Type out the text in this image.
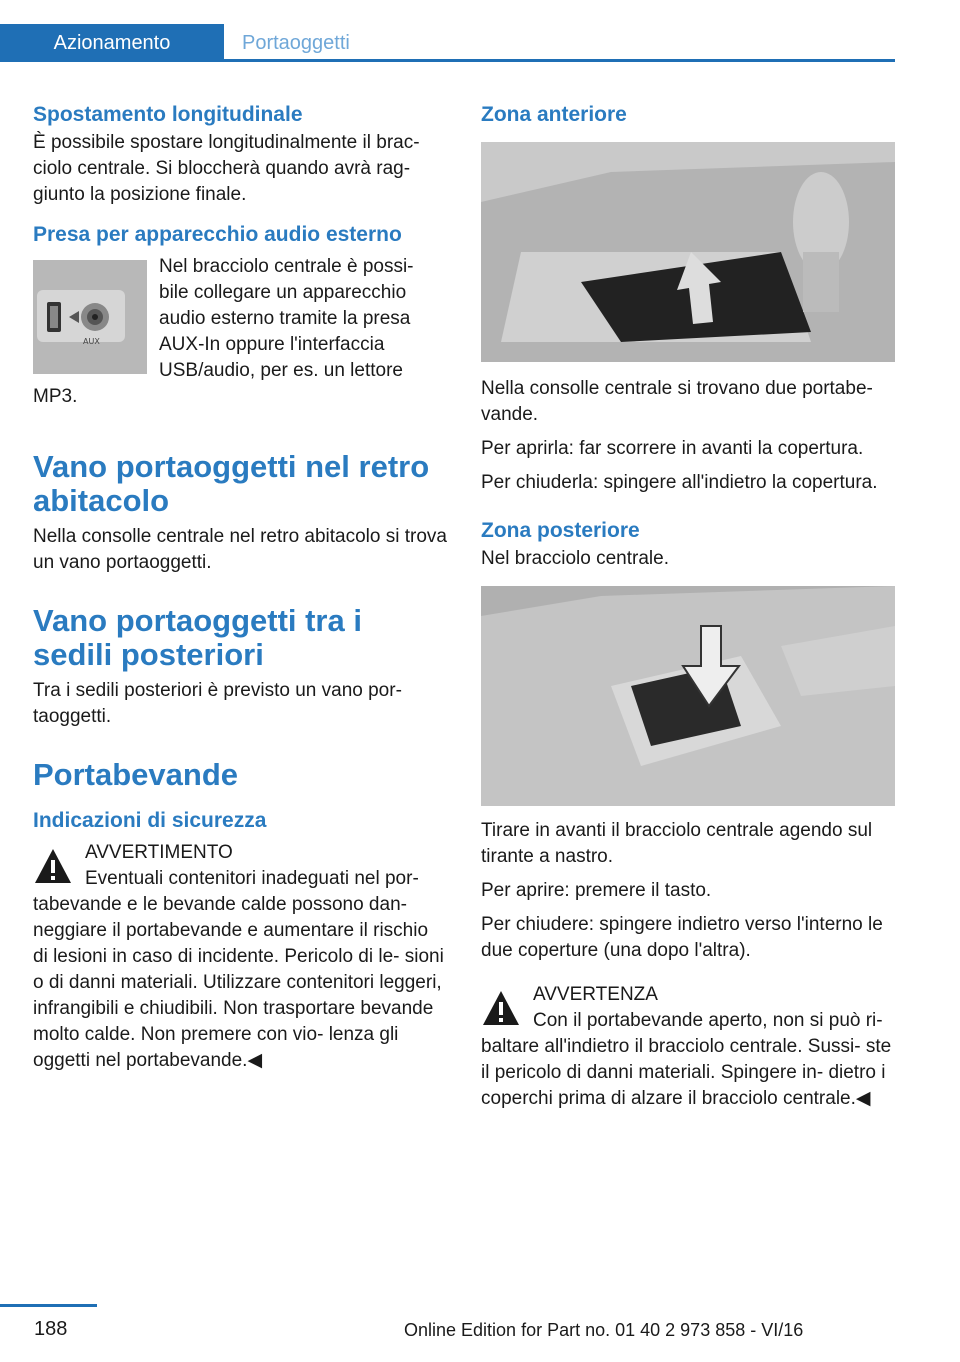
Azionamento	Portaoggetti
Spostamento longitudinale

È possibile spostare longitudinalmente il brac- ciolo centrale. Si bloccherà quando avrà rag- giunto la posizione finale.

Presa per apparecchio audio esterno
AUX

Nel bracciolo centrale è possi- bile collegare un apparecchio audio esterno tramite la presa AUX-In oppure l'interfaccia USB/audio, per es. un lettore MP3.

Vano portaoggetti nel retro abitacolo

Nella consolle centrale nel retro abitacolo si trova un vano portaoggetti.

Vano portaoggetti tra i sedili posteriori

Tra i sedili posteriori è previsto un vano por- taoggetti.

Portabevande
Indicazioni di sicurezza
AVVERTIMENTO

Eventuali contenitori inadeguati nel por- tabevande e le bevande calde possono dan- neggiare il portabevande e aumentare il rischio di lesioni in caso di incidente. Pericolo di le- sioni o di danni materiali. Utilizzare contenitori leggeri, infrangibili e chiudibili. Non trasportare bevande molto calde. Non premere con vio- lenza gli oggetti nel portabevande.◀

Zona anteriore

Nella consolle centrale si trovano due portabe- vande.

Per aprirla: far scorrere in avanti la copertura.

Per chiuderla: spingere all'indietro la copertura.

Zona posteriore

Nel bracciolo centrale.

Tirare in avanti il bracciolo centrale agendo sul tirante a nastro.

Per aprire: premere il tasto.

Per chiudere: spingere indietro verso l'interno le due coperture (una dopo l'altra).

AVVERTENZA

Con il portabevande aperto, non si può ri- baltare all'indietro il bracciolo centrale. Sussi- ste il pericolo di danni materiali. Spingere in- dietro i coperchi prima di alzare il bracciolo centrale.◀

188	Online Edition for Part no. 01 40 2 973 858 - VI/16
